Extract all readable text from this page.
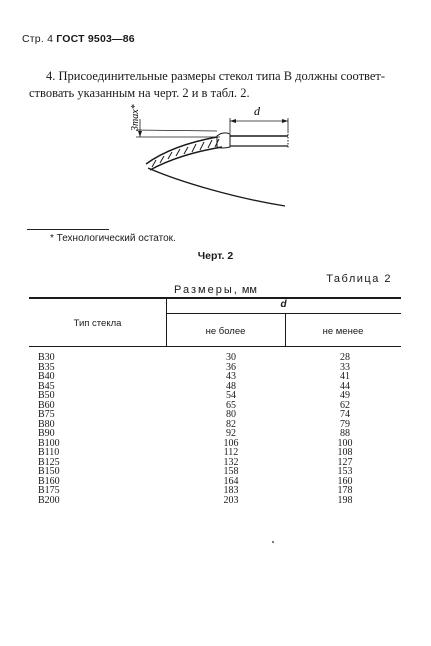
Стр. 4 ГОСТ 9503—86
4. Присоединительные размеры стекол типа В должны соответ-
ствовать указанным на черт. 2 и в табл. 2.
d
3max*
* Технологический остаток.
Черт. 2
Таблица 2
Размеры, мм
Тип стекла
d
не более	не менее
В30	30	28
В35	36	33
В40	43	41
В45	48	44
В50	54	49
В60	65	62
В75	80	74
В80	82	79
В90	92	88
В100	106	100
В110	112	108
В125	132	127
В150	158	153
В160	164	160
В175	183	178
В200	203	198
